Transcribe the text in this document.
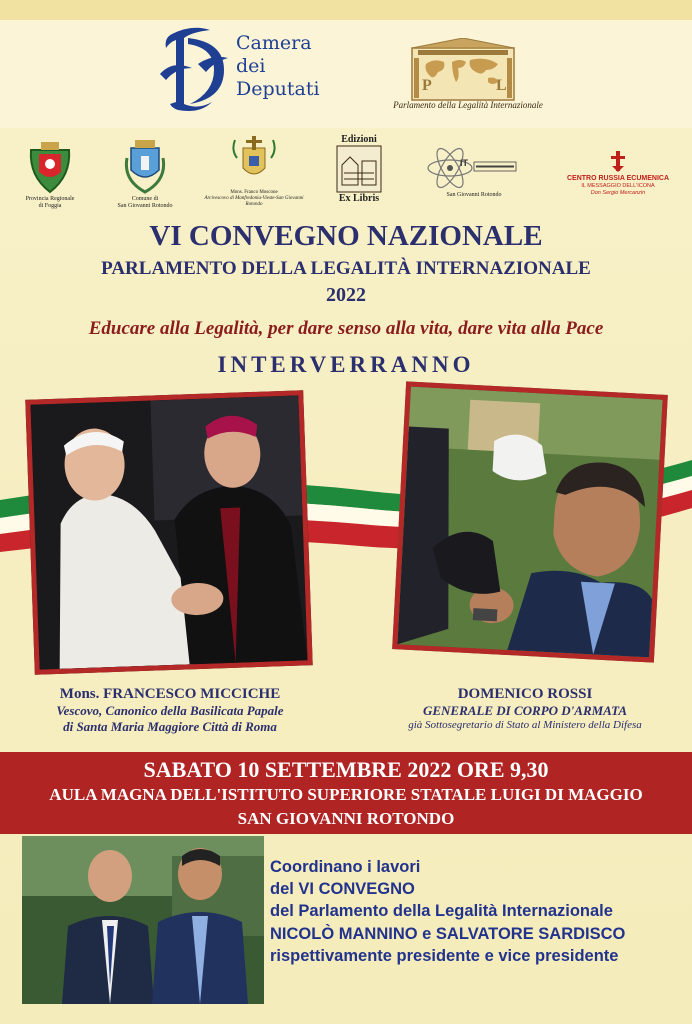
Camera
dei
Deputati	P	L
Parlamento della Legalità Internazionale
Provincia Regionale
di Foggia
Comune di
San Giovanni Rotondo
Mons. Franco Moscone
Arcivescovo di Manfredonia-Vieste-San Giovanni Rotondo
Edizioni
Ex Libris
IT
San Giovanni Rotondo
CENTRO RUSSIA ECUMENICA
IL MESSAGGIO DELL'ICONA
Don Sergio Mercanzin
VI CONVEGNO NAZIONALE
PARLAMENTO DELLA LEGALITÀ INTERNAZIONALE
2022
Educare alla Legalità, per dare senso alla vita, dare vita alla Pace
INTERVERRANNO
Mons. FRANCESCO MICCICHE
Vescovo, Canonico della Basilicata Papale
di Santa Maria Maggiore Città di Roma
DOMENICO ROSSI
GENERALE DI CORPO D'ARMATA
già Sottosegretario di Stato al Ministero della Difesa
SABATO 10 SETTEMBRE 2022 ORE 9,30
AULA MAGNA DELL'ISTITUTO SUPERIORE STATALE LUIGI DI MAGGIO
SAN GIOVANNI ROTONDO
Coordinano i lavori
del VI CONVEGNO
del Parlamento della Legalità Internazionale
NICOLÒ MANNINO e SALVATORE SARDISCO
rispettivamente presidente e vice presidente
